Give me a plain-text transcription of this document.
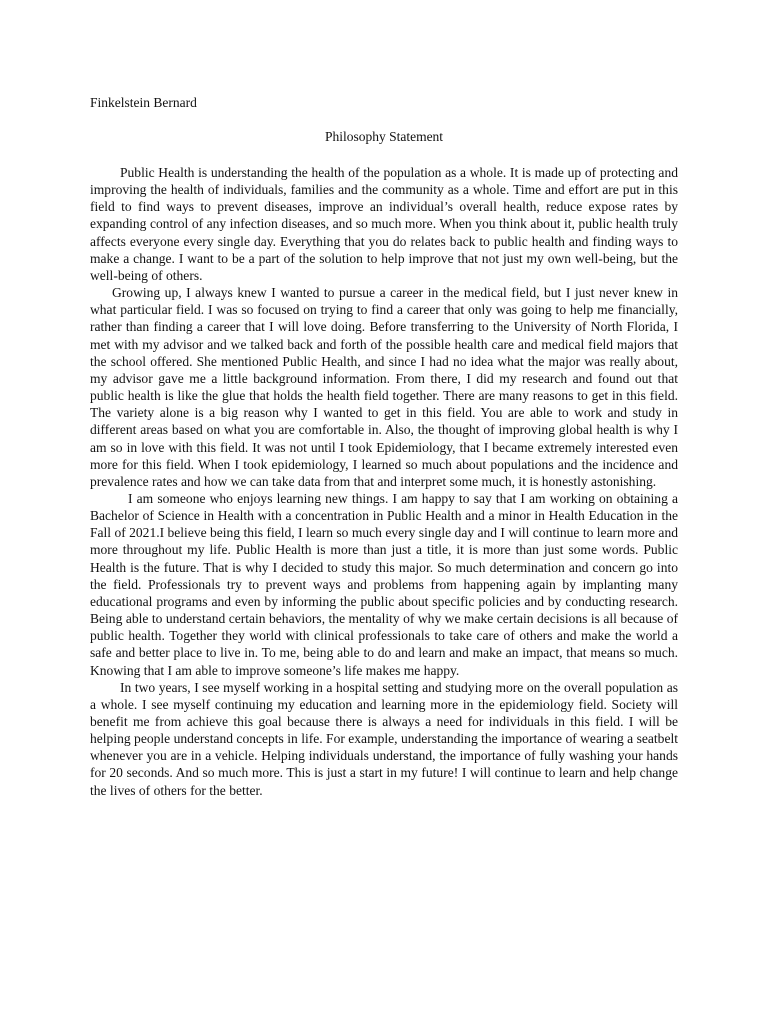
Finkelstein Bernard
Philosophy Statement

Public Health is understanding the health of the population as a whole. It is made up of protecting and improving the health of individuals, families and the community as a whole. Time and effort are put in this field to find ways to prevent diseases, improve an individual’s overall health, reduce expose rates by expanding control of any infection diseases, and so much more. When you think about it, public health truly affects everyone every single day. Everything that you do relates back to public health and finding ways to make a change. I want to be a part of the solution to help improve that not just my own well-being, but the well-being of others.

Growing up, I always knew I wanted to pursue a career in the medical field, but I just never knew in what particular field. I was so focused on trying to find a career that only was going to help me financially, rather than finding a career that I will love doing. Before transferring to the University of North Florida, I met with my advisor and we talked back and forth of the possible health care and medical field majors that the school offered. She mentioned Public Health, and since I had no idea what the major was really about, my advisor gave me a little background information. From there, I did my research and found out that public health is like the glue that holds the health field together. There are many reasons to get in this field. The variety alone is a big reason why I wanted to get in this field. You are able to work and study in different areas based on what you are comfortable in. Also, the thought of improving global health is why I am so in love with this field. It was not until I took Epidemiology, that I became extremely interested even more for this field. When I took epidemiology, I learned so much about populations and the incidence and prevalence rates and how we can take data from that and interpret some much, it is honestly astonishing.

I am someone who enjoys learning new things. I am happy to say that I am working on obtaining a Bachelor of Science in Health with a concentration in Public Health and a minor in Health Education in the Fall of 2021.I believe being this field, I learn so much every single day and I will continue to learn more and more throughout my life. Public Health is more than just a title, it is more than just some words. Public Health is the future. That is why I decided to study this major. So much determination and concern go into the field. Professionals try to prevent ways and problems from happening again by implanting many educational programs and even by informing the public about specific policies and by conducting research. Being able to understand certain behaviors, the mentality of why we make certain decisions is all because of public health. Together they world with clinical professionals to take care of others and make the world a safe and better place to live in. To me, being able to do and learn and make an impact, that means so much. Knowing that I am able to improve someone’s life makes me happy.

In two years, I see myself working in a hospital setting and studying more on the overall population as a whole. I see myself continuing my education and learning more in the epidemiology field. Society will benefit me from achieve this goal because there is always a need for individuals in this field. I will be helping people understand concepts in life. For example, understanding the importance of wearing a seatbelt whenever you are in a vehicle. Helping individuals understand, the importance of fully washing your hands for 20 seconds. And so much more. This is just a start in my future! I will continue to learn and help change the lives of others for the better.
